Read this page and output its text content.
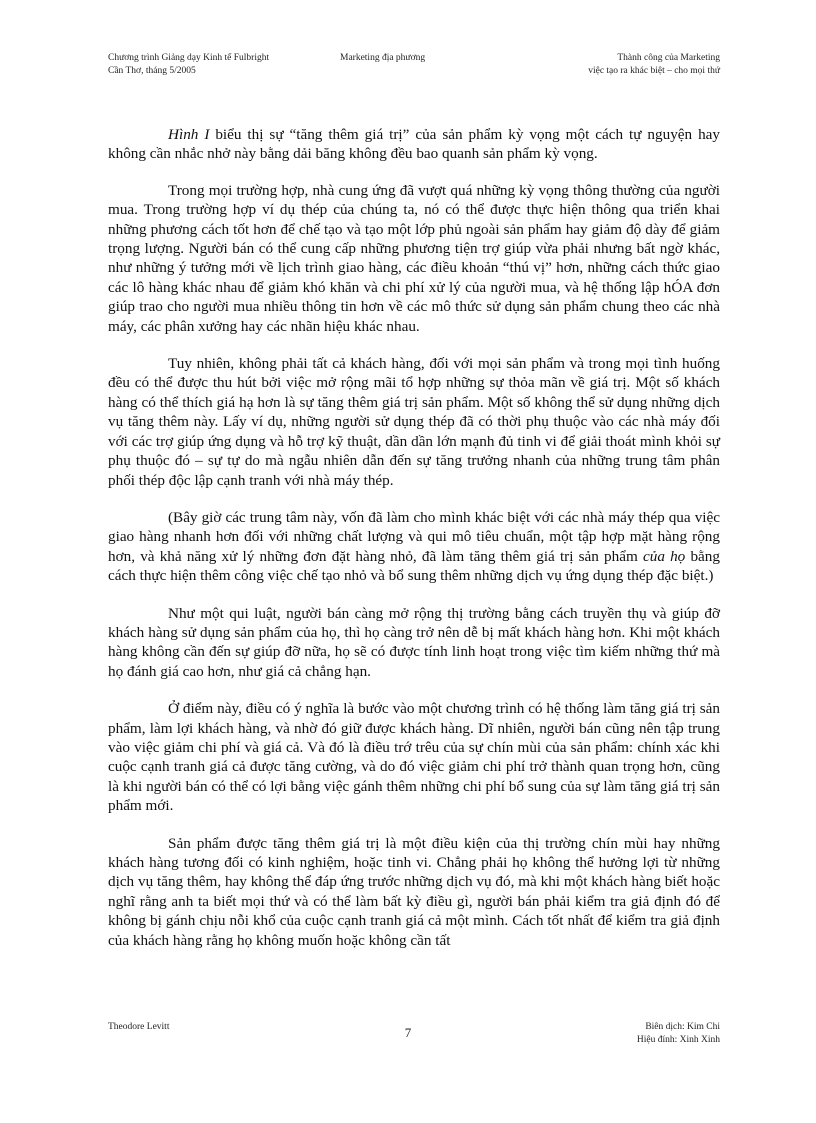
Chương trình Giảng dạy Kinh tế Fulbright
Cần Thơ, tháng 5/2005
Marketing địa phương	Thành công của Marketing
việc tạo ra khác biệt – cho mọi thứ

Hình I biểu thị sự “tăng thêm giá trị” của sản phẩm kỳ vọng một cách tự nguyện hay không cần nhắc nhở này bằng dải băng không đều bao quanh sản phẩm kỳ vọng.

Trong mọi trường hợp, nhà cung ứng đã vượt quá những kỳ vọng thông thường của người mua. Trong trường hợp ví dụ thép của chúng ta, nó có thể được thực hiện thông qua triển khai những phương cách tốt hơn để chế tạo và tạo một lớp phủ ngoài sản phẩm hay giảm độ dày để giảm trọng lượng. Người bán có thể cung cấp những phương tiện trợ giúp vừa phải nhưng bất ngờ khác, như những ý tưởng mới về lịch trình giao hàng, các điều khoản “thú vị” hơn, những cách thức giao các lô hàng khác nhau để giảm khó khăn và chi phí xử lý của người mua, và hệ thống lập hÓA đơn giúp trao cho người mua nhiều thông tin hơn về các mô thức sử dụng sản phẩm chung theo các nhà máy, các phân xưởng hay các nhãn hiệu khác nhau.

Tuy nhiên, không phải tất cả khách hàng, đối với mọi sản phẩm và trong mọi tình huống đều có thể được thu hút bởi việc mở rộng mãi tổ hợp những sự thỏa mãn về giá trị. Một số khách hàng có thể thích giá hạ hơn là sự tăng thêm giá trị sản phẩm. Một số không thể sử dụng những dịch vụ tăng thêm này. Lấy ví dụ, những người sử dụng thép đã có thời phụ thuộc vào các nhà máy đối với các trợ giúp ứng dụng và hỗ trợ kỹ thuật, dần dần lớn mạnh đủ tinh vi để giải thoát mình khỏi sự phụ thuộc đó – sự tự do mà ngẫu nhiên dẫn đến sự tăng trưởng nhanh của những trung tâm phân phối thép độc lập cạnh tranh với nhà máy thép.

(Bây giờ các trung tâm này, vốn đã làm cho mình khác biệt với các nhà máy thép qua việc giao hàng nhanh hơn đối với những chất lượng và qui mô tiêu chuẩn, một tập hợp mặt hàng rộng hơn, và khả năng xử lý những đơn đặt hàng nhỏ, đã làm tăng thêm giá trị sản phẩm của họ bằng cách thực hiện thêm công việc chế tạo nhỏ và bổ sung thêm những dịch vụ ứng dụng thép đặc biệt.)

Như một qui luật, người bán càng mở rộng thị trường bằng cách truyền thụ và giúp đỡ khách hàng sử dụng sản phẩm của họ, thì họ càng trở nên dễ bị mất khách hàng hơn. Khi một khách hàng không cần đến sự giúp đỡ nữa, họ sẽ có được tính linh hoạt trong việc tìm kiếm những thứ mà họ đánh giá cao hơn, như giá cả chẳng hạn.

Ở điểm này, điều có ý nghĩa là bước vào một chương trình có hệ thống làm tăng giá trị sản phẩm, làm lợi khách hàng, và nhờ đó giữ được khách hàng. Dĩ nhiên, người bán cũng nên tập trung vào việc giảm chi phí và giá cả. Và đó là điều trớ trêu của sự chín mùi của sản phẩm: chính xác khi cuộc cạnh tranh giá cả được tăng cường, và do đó việc giảm chi phí trở thành quan trọng hơn, cũng là khi người bán có thể có lợi bằng việc gánh thêm những chi phí bổ sung của sự làm tăng giá trị sản phẩm mới.

Sản phẩm được tăng thêm giá trị là một điều kiện của thị trường chín mùi hay những khách hàng tương đối có kinh nghiệm, hoặc tinh vi. Chẳng phải họ không thể hưởng lợi từ những dịch vụ tăng thêm, hay không thể đáp ứng trước những dịch vụ đó, mà khi một khách hàng biết hoặc nghĩ rằng anh ta biết mọi thứ và có thể làm bất kỳ điều gì, người bán phải kiểm tra giả định đó để không bị gánh chịu nỗi khổ của cuộc cạnh tranh giá cả một mình. Cách tốt nhất để kiểm tra giả định của khách hàng rằng họ không muốn hoặc không cần tất

Theodore Levitt	7	Biên dịch: Kim Chi
Hiệu đính: Xinh Xinh
